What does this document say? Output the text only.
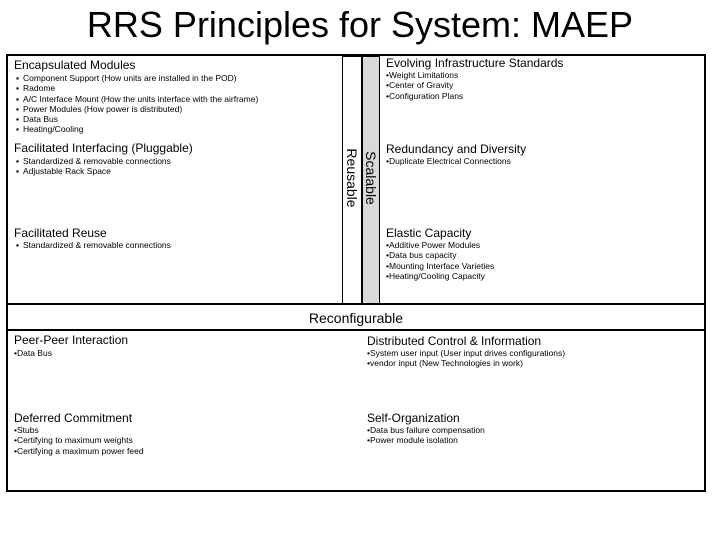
RRS Principles for System: MAEP
Reusable Scalable
Reconfigurable
Encapsulated Modules
▪ Component Support (How units are installed in the POD)
▪ Radome
▪ A/C Interface Mount (How the units interface with the airframe)
▪ Power Modules (How power is distributed)
▪ Data Bus
▪ Heating/Cooling
Facilitated Interfacing (Pluggable)
▪ Standardized & removable connections
▪ Adjustable Rack Space
Facilitated Reuse
▪ Standardized & removable connections
Evolving Infrastructure Standards
• Weight Limitations
• Center of Gravity
• Configuration Plans
Redundancy and Diversity
• Duplicate Electrical Connections
Elastic Capacity
• Additive Power Modules
• Data bus capacity
• Mounting Interface Varieties
• Heating/Cooling Capacity
Peer-Peer Interaction
• Data Bus
Deferred Commitment
• Stubs
• Certifying to maximum weights
• Certifying a maximum power feed
Distributed Control & Information
• System user input (User input drives configurations)
• vendor input (New Technologies in work)
Self-Organization
• Data bus failure compensation
• Power module isolation
